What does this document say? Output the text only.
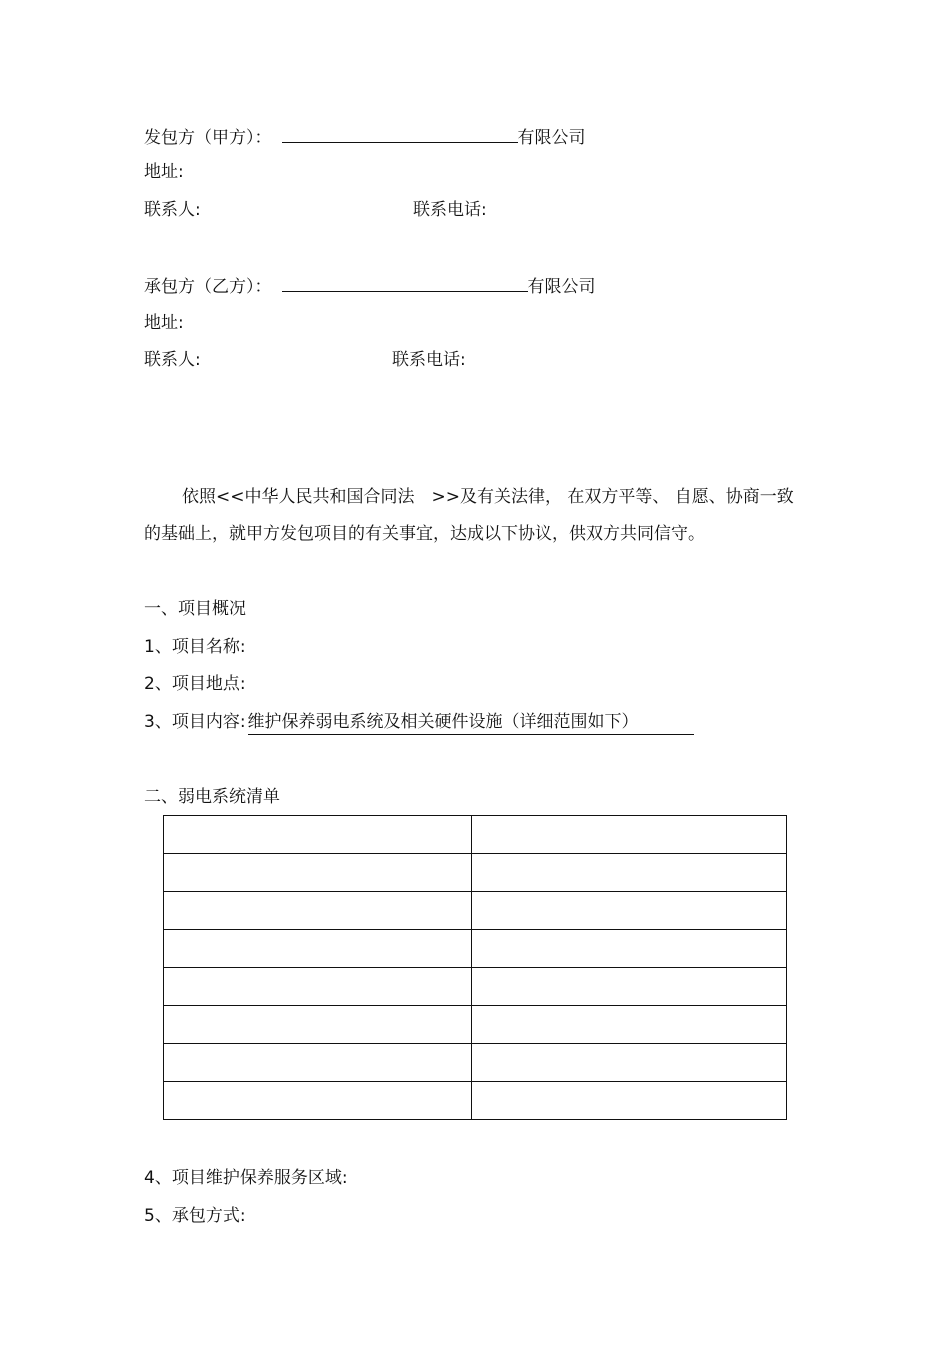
发包方（甲方）：	有限公司
地址:
联系人:	联系电话:
承包方（乙方）：	有限公司
地址:
联系人:	联系电话:
依照<<中华人民共和国合同法　>>及有关法律， 在双方平等、 自愿、协商一致
的基础上，就甲方发包项目的有关事宜，达成以下协议，供双方共同信守。
一、项目概况
1、项目名称:
2、项目地点:
3、项目内容: 维护保养弱电系统及相关硬件设施（详细范围如下）
二、弱电系统清单

4、项目维护保养服务区域:
5、承包方式:
